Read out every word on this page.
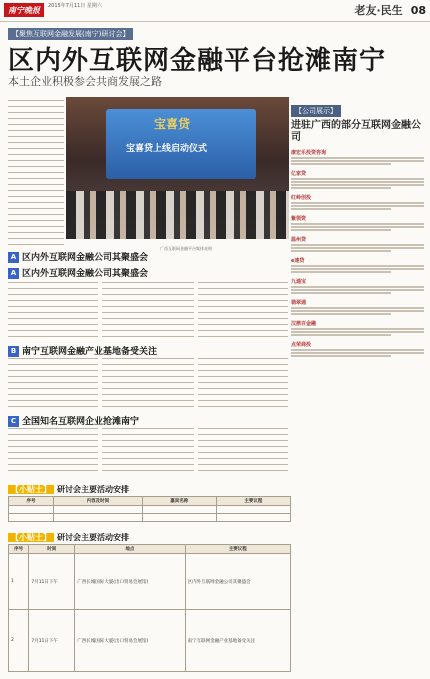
南宁晚报	2015年7月11日 星期六	老友·民生 08
【聚焦互联网金融发展(南宁)研讨会】
区内外互联网金融平台抢滩南宁
本土企业积极参会共商发展之路
宝喜贷
宝喜贷上线启动仪式
广西互联网金融平台集体亮相
A 区内外互联网金融公司其聚盛会
A 区内外互联网金融公司其聚盛会
B 南宁互联网金融产业基地备受关注
C 全国知名互联网企业抢滩南宁
【小贴士】 研讨会主要活动安排
序号	内容及时间	嘉宾名称	主要议程

【小贴士】 研讨会主要活动安排
序号	时间	地点	主要议程
1	7月11日下午	广西长城国际大厦(出口贸易会展馆)	区内外互联网金融公司其聚盛会
2	7月11日下午	广西长城国际大厦(出口贸易会展馆)	南宁互联网金融产业基地备受关注
【公司展示】
进驻广西的部分互联网金融公司
康宏乐投资咨询
亿家贷
红岭创投
紫领资
温州贷
e速贷
九通宝
翡翠通
汉鼎百金融
点荣商投
